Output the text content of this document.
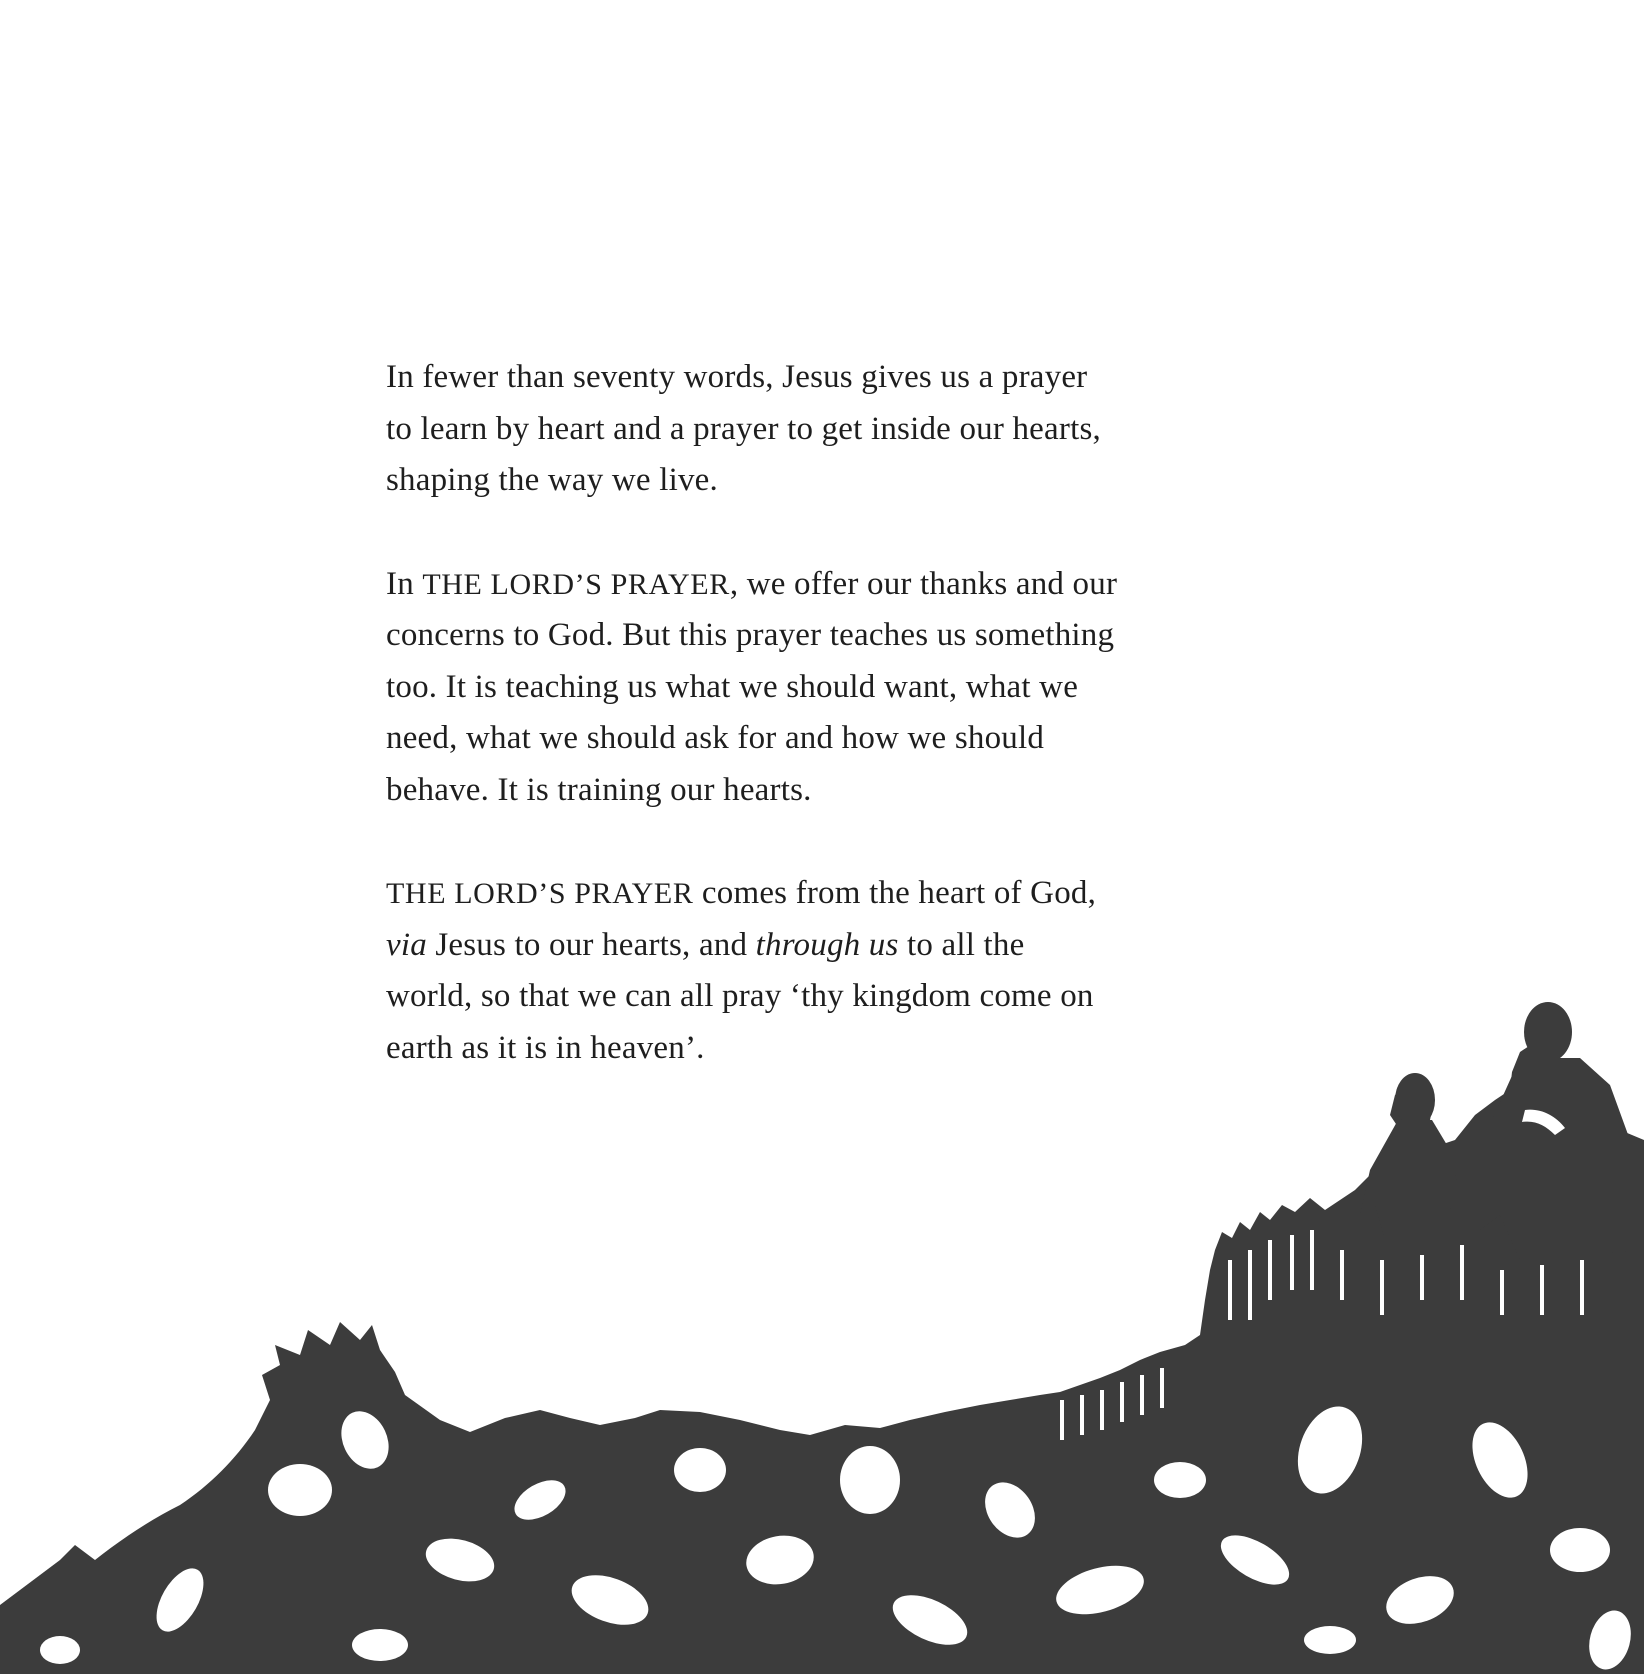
In fewer than seventy words, Jesus gives us a prayer
to learn by heart and a prayer to get inside our hearts,
shaping the way we live.

In THE LORD’S PRAYER, we offer our thanks and our
concerns to God. But this prayer teaches us something
too. It is teaching us what we should want, what we
need, what we should ask for and how we should
behave. It is training our hearts.

THE LORD’S PRAYER comes from the heart of God,
via Jesus to our hearts, and through us to all the
world, so that we can all pray ‘thy kingdom come on
earth as it is in heaven’.
